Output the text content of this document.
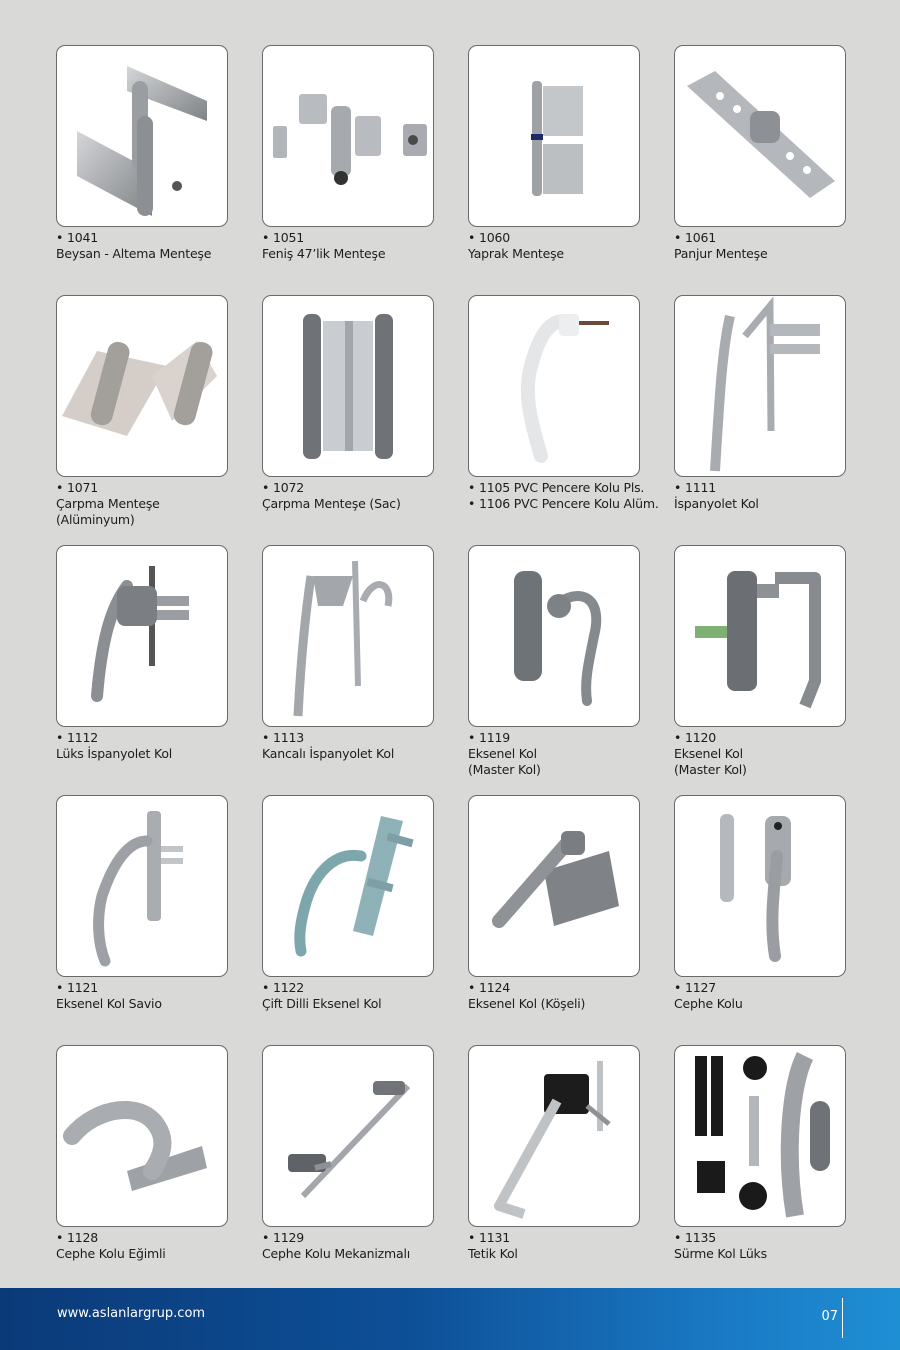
• 1041
Beysan - Altema Menteşe
• 1051
Feniş 47’lik Menteşe
• 1060
Yaprak Menteşe
• 1061
Panjur Menteşe
• 1071
Çarpma Menteşe
(Alüminyum)
• 1072
Çarpma Menteşe (Sac)
• 1105 PVC Pencere Kolu Pls.
• 1106 PVC Pencere Kolu Alüm.
• 1111
İspanyolet Kol
• 1112
Lüks İspanyolet Kol
• 1113
Kancalı İspanyolet Kol
• 1119
Eksenel Kol
(Master Kol)
• 1120
Eksenel Kol
(Master Kol)
• 1121
Eksenel Kol Savio
• 1122
Çift Dilli Eksenel Kol
• 1124
Eksenel Kol (Köşeli)
• 1127
Cephe Kolu
• 1128
Cephe Kolu Eğimli
• 1129
Cephe Kolu Mekanizmalı
• 1131
Tetik Kol
• 1135
Sürme Kol Lüks
www.aslanlargrup.com	07
